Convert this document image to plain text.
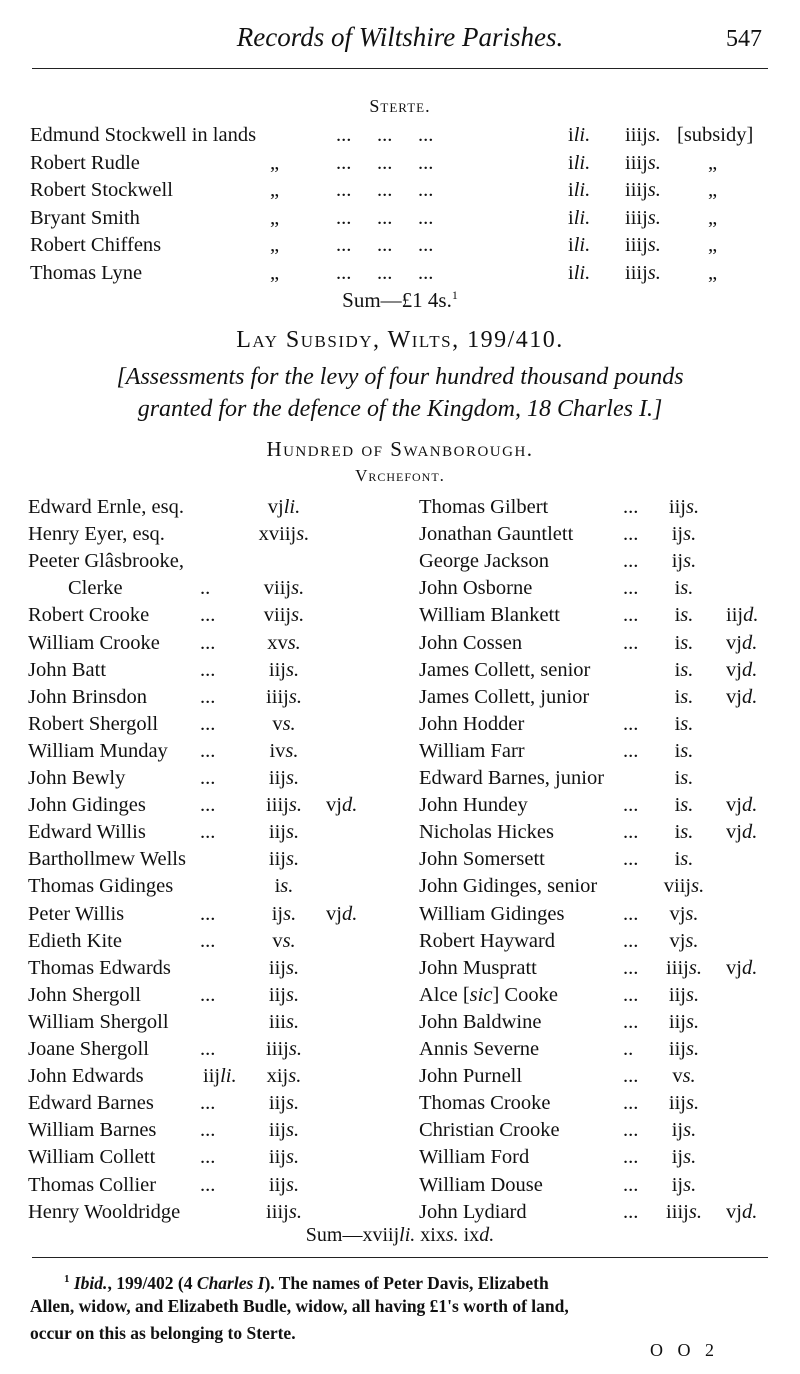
Records of Wiltshire Parishes.	547
Sterte.
Edmund Stockwell in lands	...     ...     ...	ili. iiijs. [subsidy]
Robert Rudle	„	...     ...     ...	ili. iiijs. „
Robert Stockwell	„	...     ...     ...	ili. iiijs. „
Bryant Smith	„	...     ...     ...	ili. iiijs. „
Robert Chiffens	„	...     ...     ...	ili. iiijs. „
Thomas Lyne	„	...     ...     ...	ili. iiijs. „
Sum—£1 4s.$^1$
Lay Subsidy, Wilts, 199/410.
[Assessments for the levy of four hundred thousand pounds
granted for the defence of the Kingdom, 18 Charles I.]
Hundred of Swanborough.
Vrchefont.
Edward Ernle, esq.	vjli.
Henry Eyer, esq.	xviijs.
Peeter Glâsbrooke,
Clerke	..	viijs.
Robert Crooke ...	viijs.
William Crooke ...	xvs.
John Batt	...	iijs.
John Brinsdon	...	iiijs.
Robert Shergoll ...	vs.
William Munday ...	ivs.
John Bewly	...	iijs.
John Gidinges	...	iiijs.	vjd.
Edward Willis	...	iijs.
Barthollmew Wells	iijs.
Thomas Gidinges	is.
Peter Willis	...	ijs.	vjd.
Edieth Kite	...	vs.
Thomas Edwards	iijs.
John Shergoll	...	iijs.
William Shergoll	iiis.
Joane Shergoll ...	iiijs.
John Edwards	iijli.	xijs.
Edward Barnes ...	iijs.
William Barnes ...	iijs.
William Collett ...	iijs.
Thomas Collier ...	iijs.
Henry Wooldridge	iiijs.
Thomas Gilbert	...	iijs.
Jonathan Gauntlett ...	ijs.
George Jackson	...	ijs.
John Osborne	...	is.
William Blankett	...	is.	iijd.
John Cossen	...	is.	vjd.
James Collett, senior	is.	vjd.
James Collett, junior	is.	vjd.
John Hodder	...	is.
William Farr	...	is.
Edward Barnes, junior	is.
John Hundey	...	is.	vjd.
Nicholas Hickes	...	is.	vjd.
John Somersett	...	is.
John Gidinges, senior	viijs.
William Gidinges	...	vjs.
Robert Hayward	...	vjs.
John Muspratt	...	iiijs.	vjd.
Alce [sic] Cooke	...	iijs.
John Baldwine	...	iijs.
Annis Severne	..	iijs.
John Purnell	...	vs.
Thomas Crooke	...	iijs.
Christian Crooke	...	ijs.
William Ford	...	ijs.
William Douse	...	ijs.
John Lydiard	...	iiijs.	vjd.
Sum—xviijli. xixs. ixd.
$^1$ Ibid., 199/402 (4 Charles I). The names of Peter Davis, Elizabeth
Allen, widow, and Elizabeth Budle, widow, all having £1's worth of land,
occur on this as belonging to Sterte.
O O 2
